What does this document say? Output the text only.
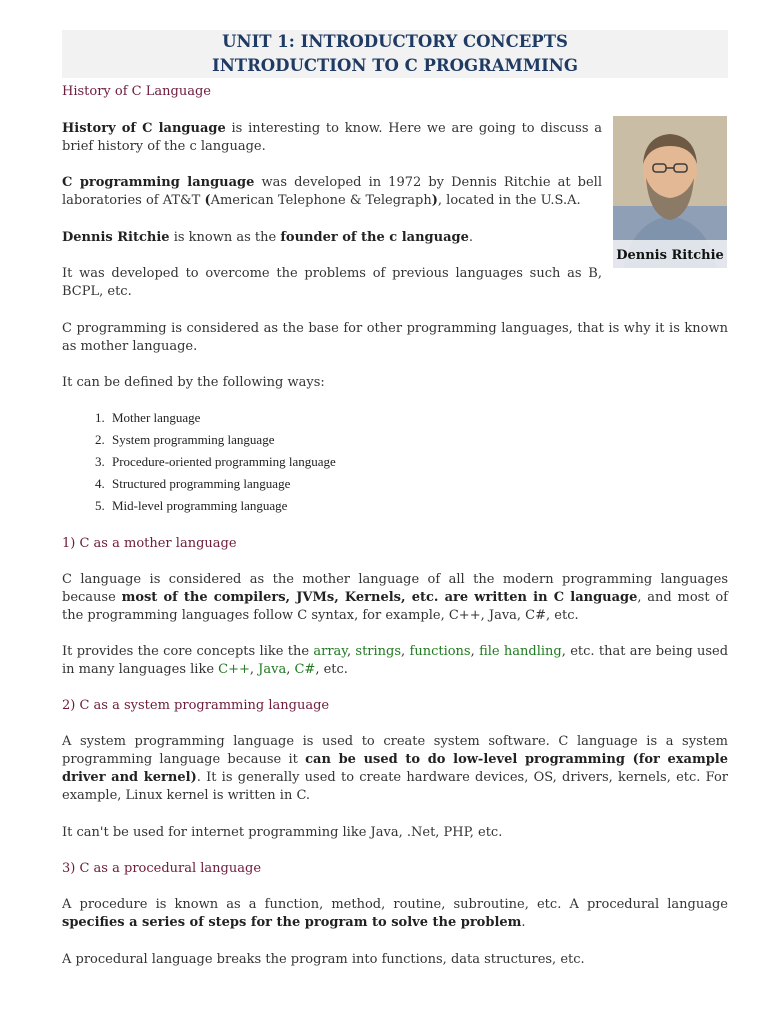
UNIT 1: INTRODUCTORY CONCEPTS
INTRODUCTION TO C PROGRAMMING
History of C Language
Dennis Ritchie

History of C language is interesting to know. Here we are going to discuss a brief history of the c language.

C programming language was developed in 1972 by Dennis Ritchie at bell laboratories of AT&T (American Telephone & Telegraph), located in the U.S.A.

Dennis Ritchie is known as the founder of the c language.

It was developed to overcome the problems of previous languages such as B, BCPL, etc.

C programming is considered as the base for other programming languages, that is why it is known as mother language.

It can be defined by the following ways:

1. Mother language
2. System programming language
3. Procedure-oriented programming language
4. Structured programming language
5. Mid-level programming language
1) C as a mother language

C language is considered as the mother language of all the modern programming languages because most of the compilers, JVMs, Kernels, etc. are written in C language, and most of the programming languages follow C syntax, for example, C++, Java, C#, etc.

It provides the core concepts like the array, strings, functions, file handling, etc. that are being used in many languages like C++, Java, C#, etc.

2) C as a system programming language

A system programming language is used to create system software. C language is a system programming language because it can be used to do low-level programming (for example driver and kernel). It is generally used to create hardware devices, OS, drivers, kernels, etc. For example, Linux kernel is written in C.

It can't be used for internet programming like Java, .Net, PHP, etc.

3) C as a procedural language

A procedure is known as a function, method, routine, subroutine, etc. A procedural language specifies a series of steps for the program to solve the problem.

A procedural language breaks the program into functions, data structures, etc.
